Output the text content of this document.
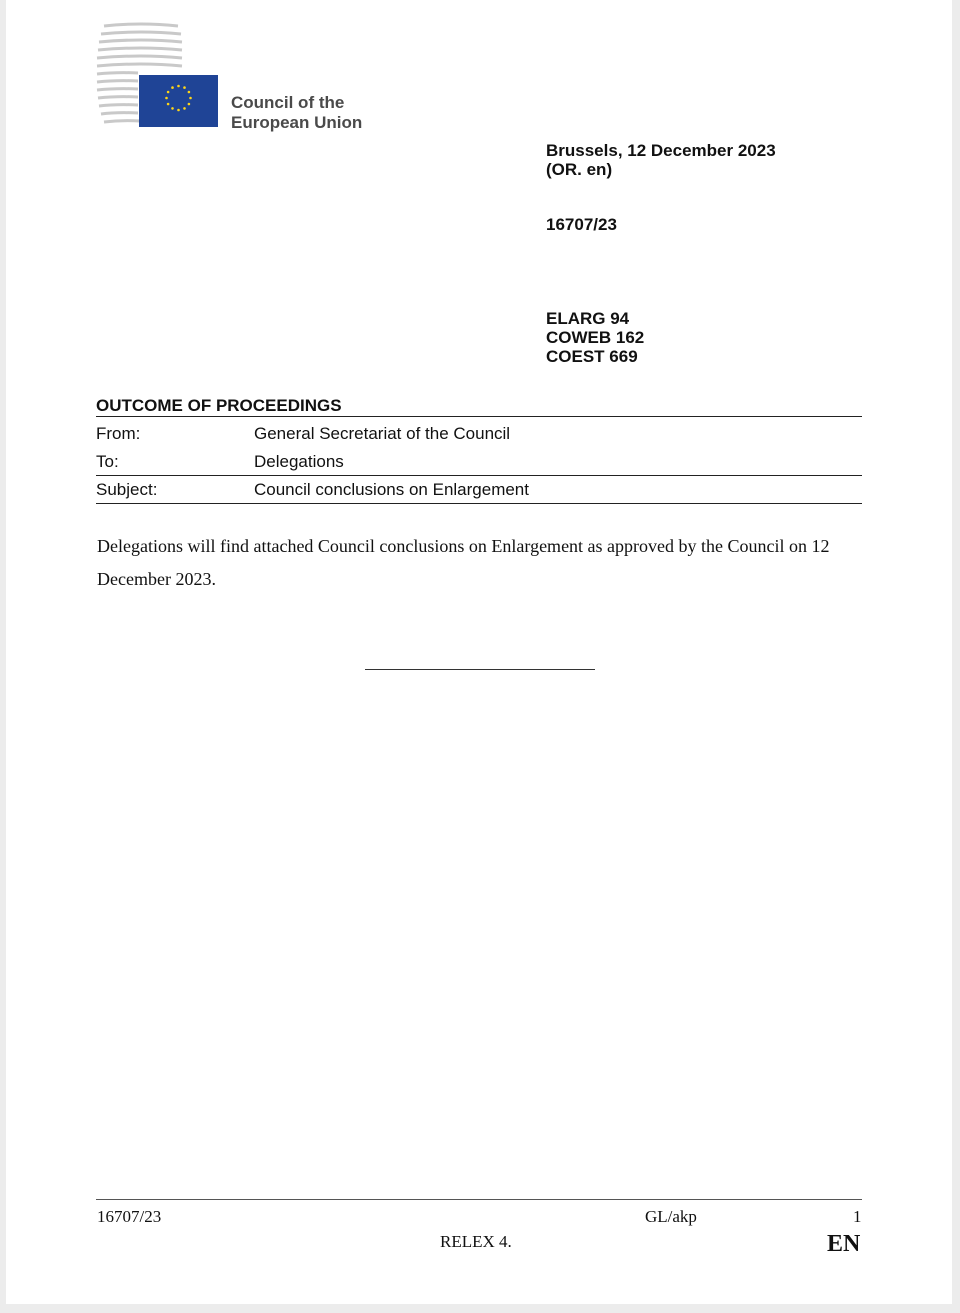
Council of the
European Union
Brussels, 12 December 2023
(OR. en)
16707/23
ELARG 94
COWEB 162
COEST 669
OUTCOME OF PROCEEDINGS
From:	General Secretariat of the Council
To:	Delegations
Subject:	Council conclusions on Enlargement
Delegations will find attached Council conclusions on Enlargement as approved by the Council on 12 December 2023.
16707/23	GL/akp	1
RELEX 4.	EN
